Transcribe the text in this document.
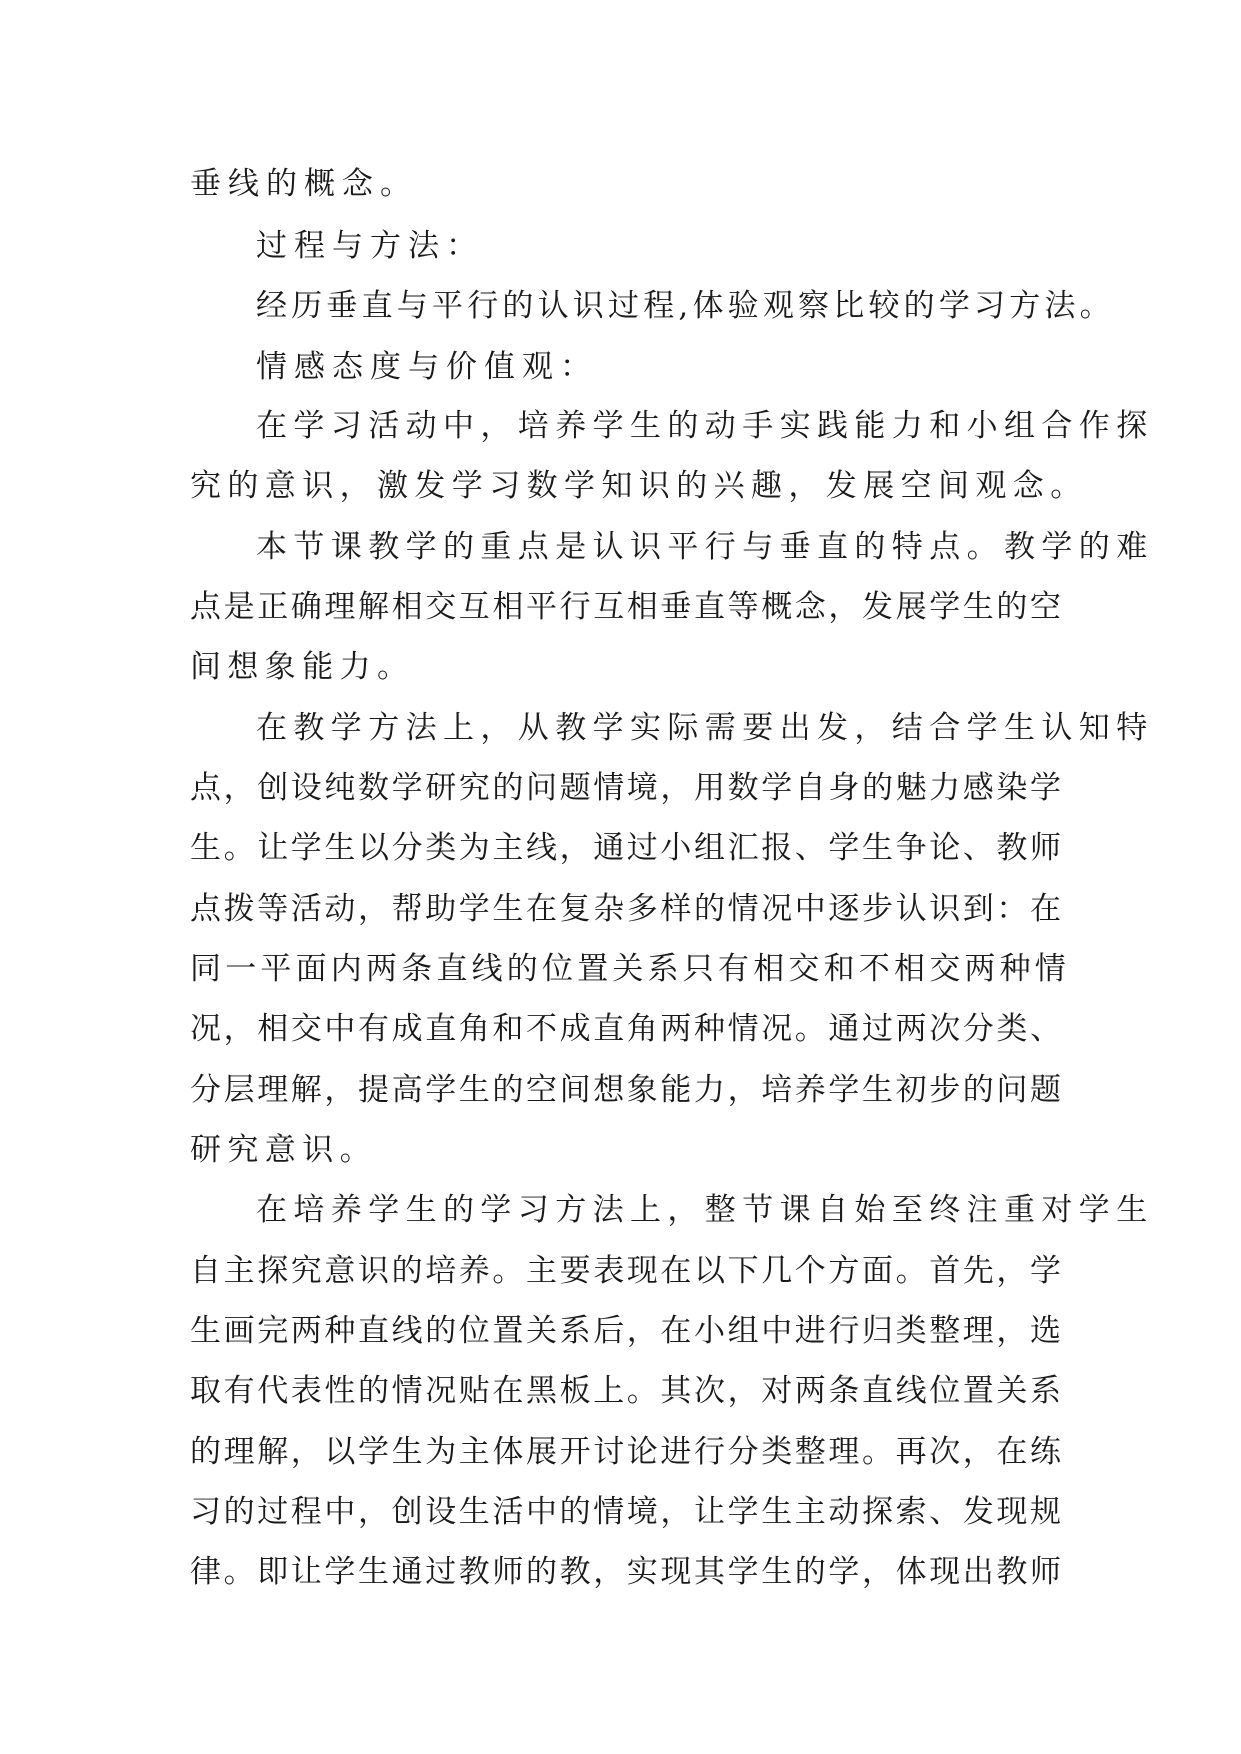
垂线的概念。
过程与方法：
经历垂直与平行的认识过程,体验观察比较的学习方法。
情感态度与价值观：
在学习活动中，培养学生的动手实践能力和小组合作探
究的意识，激发学习数学知识的兴趣，发展空间观念。
本节课教学的重点是认识平行与垂直的特点。教学的难
点是正确理解相交互相平行互相垂直等概念，发展学生的空
间想象能力。
在教学方法上，从教学实际需要出发，结合学生认知特
点，创设纯数学研究的问题情境，用数学自身的魅力感染学
生。让学生以分类为主线，通过小组汇报、学生争论、教师
点拨等活动，帮助学生在复杂多样的情况中逐步认识到：在
同一平面内两条直线的位置关系只有相交和不相交两种情
况，相交中有成直角和不成直角两种情况。通过两次分类、
分层理解，提高学生的空间想象能力，培养学生初步的问题
研究意识。
在培养学生的学习方法上，整节课自始至终注重对学生
自主探究意识的培养。主要表现在以下几个方面。首先，学
生画完两种直线的位置关系后，在小组中进行归类整理，选
取有代表性的情况贴在黑板上。其次，对两条直线位置关系
的理解，以学生为主体展开讨论进行分类整理。再次，在练
习的过程中，创设生活中的情境，让学生主动探索、发现规
律。即让学生通过教师的教，实现其学生的学，体现出教师
